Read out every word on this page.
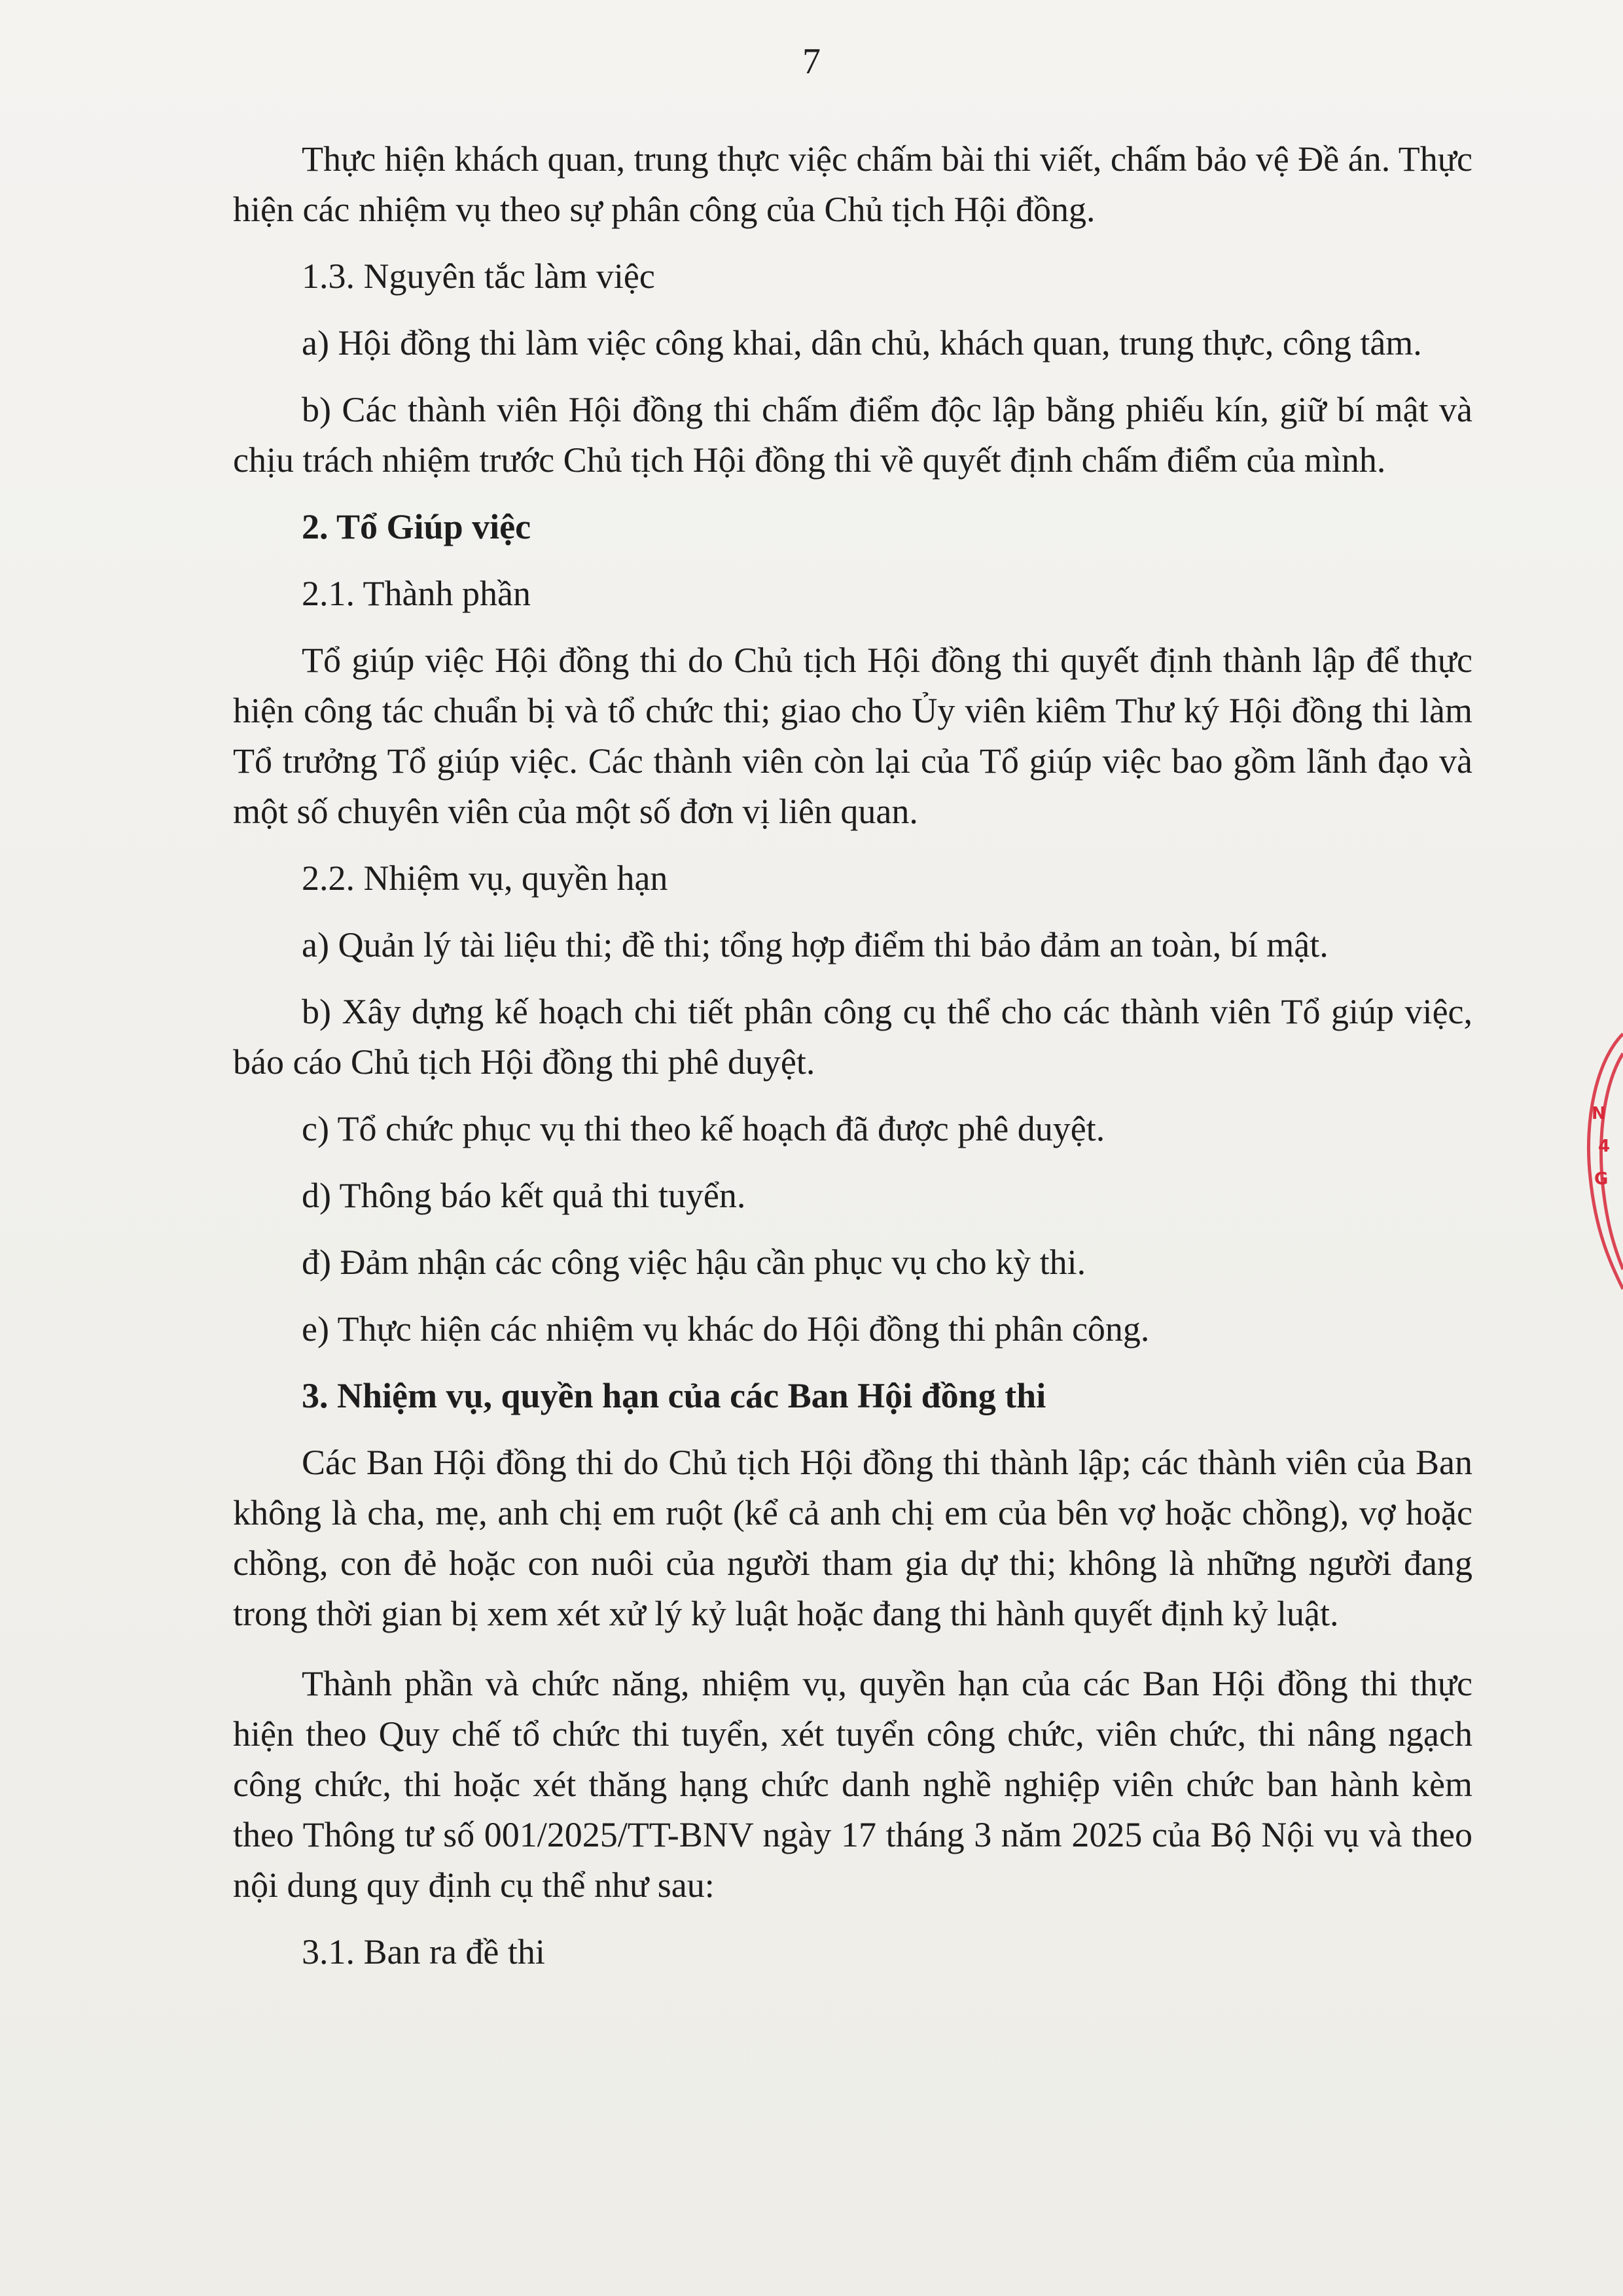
7

Thực hiện khách quan, trung thực việc chấm bài thi viết, chấm bảo vệ Đề án. Thực hiện các nhiệm vụ theo sự phân công của Chủ tịch Hội đồng.

1.3. Nguyên tắc làm việc

a) Hội đồng thi làm việc công khai, dân chủ, khách quan, trung thực, công tâm.

b) Các thành viên Hội đồng thi chấm điểm độc lập bằng phiếu kín, giữ bí mật và chịu trách nhiệm trước Chủ tịch Hội đồng thi về quyết định chấm điểm của mình.

2. Tổ Giúp việc

2.1. Thành phần

Tổ giúp việc Hội đồng thi do Chủ tịch Hội đồng thi quyết định thành lập để thực hiện công tác chuẩn bị và tổ chức thi; giao cho Ủy viên kiêm Thư ký Hội đồng thi làm Tổ trưởng Tổ giúp việc. Các thành viên còn lại của Tổ giúp việc bao gồm lãnh đạo và một số chuyên viên của một số đơn vị liên quan.

2.2. Nhiệm vụ, quyền hạn

a) Quản lý tài liệu thi; đề thi; tổng hợp điểm thi bảo đảm an toàn, bí mật.

b) Xây dựng kế hoạch chi tiết phân công cụ thể cho các thành viên Tổ giúp việc, báo cáo Chủ tịch Hội đồng thi phê duyệt.

c) Tổ chức phục vụ thi theo kế hoạch đã được phê duyệt.

d) Thông báo kết quả thi tuyển.

đ) Đảm nhận các công việc hậu cần phục vụ cho kỳ thi.

e) Thực hiện các nhiệm vụ khác do Hội đồng thi phân công.

3. Nhiệm vụ, quyền hạn của các Ban Hội đồng thi

Các Ban Hội đồng thi do Chủ tịch Hội đồng thi thành lập; các thành viên của Ban không là cha, mẹ, anh chị em ruột (kể cả anh chị em của bên vợ hoặc chồng), vợ hoặc chồng, con đẻ hoặc con nuôi của người tham gia dự thi; không là những người đang trong thời gian bị xem xét xử lý kỷ luật hoặc đang thi hành quyết định kỷ luật.

Thành phần và chức năng, nhiệm vụ, quyền hạn của các Ban Hội đồng thi thực hiện theo Quy chế tổ chức thi tuyển, xét tuyển công chức, viên chức, thi nâng ngạch công chức, thi hoặc xét thăng hạng chức danh nghề nghiệp viên chức ban hành kèm theo Thông tư số 001/2025/TT-BNV ngày 17 tháng 3 năm 2025 của Bộ Nội vụ và theo nội dung quy định cụ thể như sau:

3.1. Ban ra đề thi

N
4
G
